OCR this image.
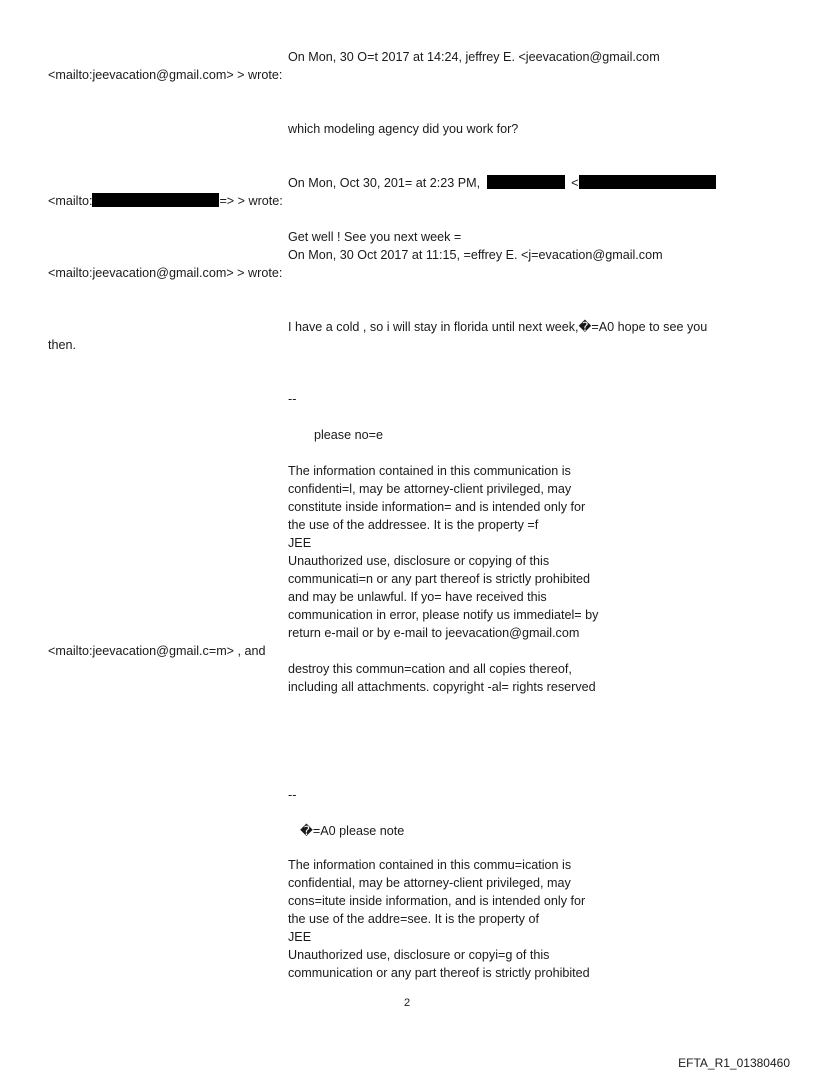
On Mon, 30 O=t 2017 at 14:24, jeffrey E. <jeevacation@gmail.com
<mailto:jeevacation@gmail.com> > wrote:
which modeling agency did you work for?
On Mon, Oct 30, 201= at 2:23 PM,	<
<mailto:	=> > wrote:
Get well ! See you next week =
On Mon, 30 Oct 2017 at 11:15, =effrey E. <j=evacation@gmail.com
<mailto:jeevacation@gmail.com> > wrote:
I have a cold , so i will stay in florida until next week,�=A0 hope to see you
then.
--
please no=e
The information contained in this communication is
confidenti=l, may be attorney-client privileged, may
constitute inside information= and is intended only for
the use of the addressee. It is the property =f
JEE
Unauthorized use, disclosure or copying of this
communicati=n or any part thereof is strictly prohibited
and may be unlawful. If yo= have received this
communication in error, please notify us immediatel= by
return e-mail or by e-mail to jeevacation@gmail.com
<mailto:jeevacation@gmail.c=m> , and
destroy this commun=cation and all copies thereof,
including all attachments. copyright -al= rights reserved
--
�=A0 please note
The information contained in this commu=ication is
confidential, may be attorney-client privileged, may
cons=itute inside information, and is intended only for
the use of the addre=see. It is the property of
JEE
Unauthorized use, disclosure or copyi=g of this
communication or any part thereof is strictly prohibited
2
EFTA_R1_01380460
